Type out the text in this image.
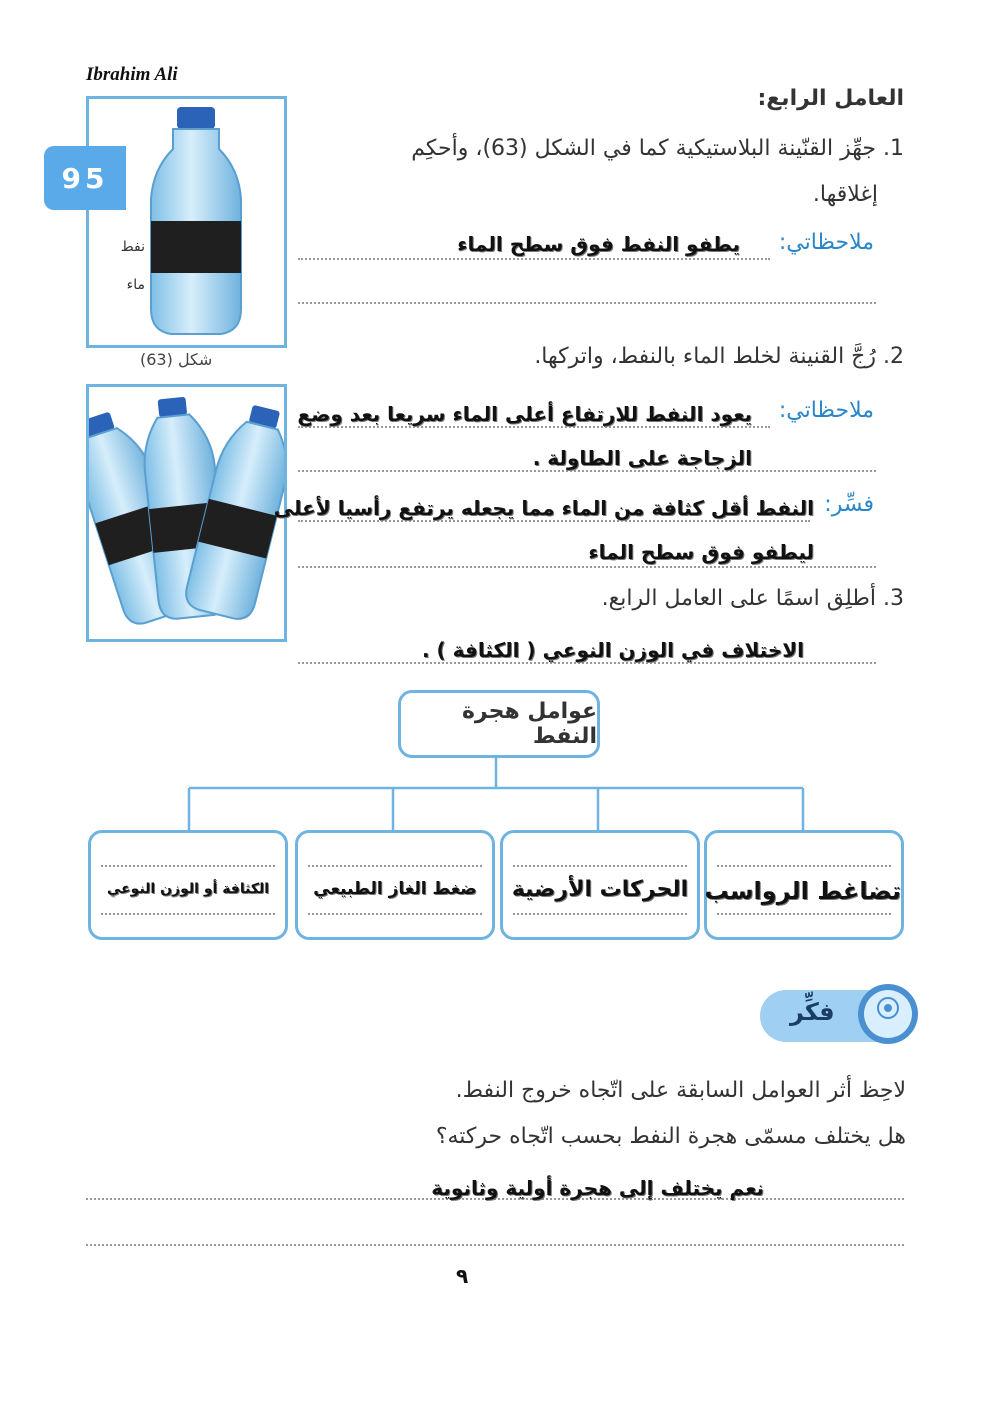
Ibrahim Ali
نفط
ماء
95
شكل (63)
العامل الرابع:
1. جهِّز القنّينة البلاستيكية كما في الشكل (63)، وأحكِم
إغلاقها.
ملاحظاتي:
يطفو النفط فوق سطح الماء
2. رُجَّ القنينة لخلط الماء بالنفط، واتركها.
ملاحظاتي:
يعود النفط للارتفاع أعلى الماء سريعا بعد وضع
الزجاجة على الطاولة .
فسِّر:
النفط أقل كثافة من الماء مما يجعله يرتفع رأسيا لأعلى
ليطفو فوق سطح الماء
3. أطلِق اسمًا على العامل الرابع.
الاختلاف في الوزن النوعي ( الكثافة ) .
عوامل هجرة النفط
تضاغط الرواسب
الحركات الأرضية
ضغط الغاز الطبيعي
الكثافة أو الوزن النوعي
فكِّر
لاحِظ أثر العوامل السابقة على اتّجاه خروج النفط.
هل يختلف مسمّى هجرة النفط بحسب اتّجاه حركته؟
نعم يختلف إلى هجرة أولية وثانوية
٩
